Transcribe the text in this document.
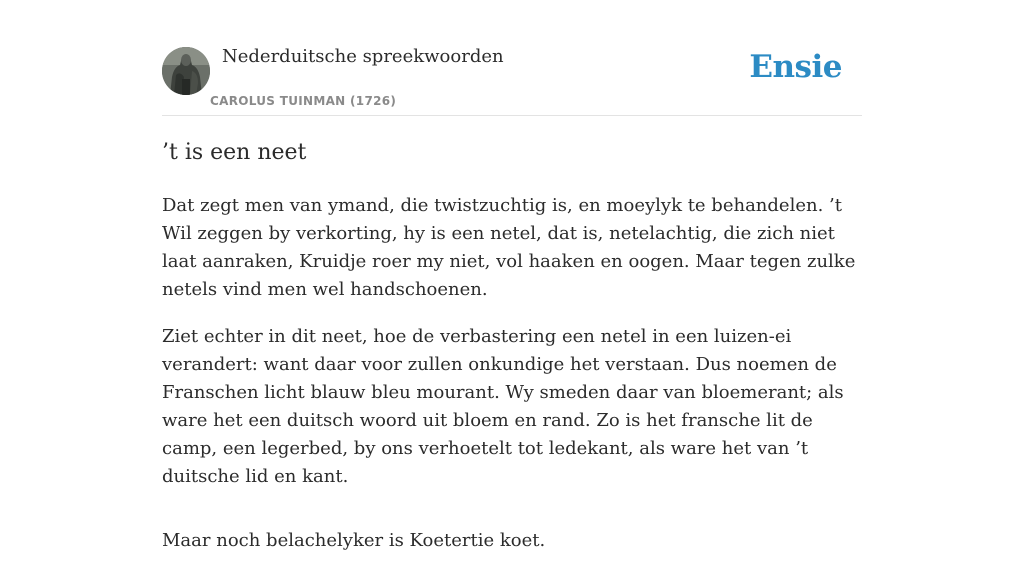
Nederduitsche spreekwoorden
CAROLUS TUINMAN (1726)
Ensie
’t is een neet

Dat zegt men van ymand, die twistzuchtig is, en moeylyk te behandelen. ’t Wil zeggen by verkorting, hy is een netel, dat is, netelachtig, die zich niet laat aanraken, Kruidje roer my niet, vol haaken en oogen. Maar tegen zulke netels vind men wel handschoenen.

Ziet echter in dit neet, hoe de verbastering een netel in een luizen-ei verandert: want daar voor zullen onkundige het verstaan. Dus noemen de Franschen licht blauw bleu mourant. Wy smeden daar van bloemerant; als ware het een duitsch woord uit bloem en rand. Zo is het fransche lit de camp, een legerbed, by ons verhoetelt tot ledekant, als ware het van ’t duitsche lid en kant.

Maar noch belachelyker is Koetertie koet.
